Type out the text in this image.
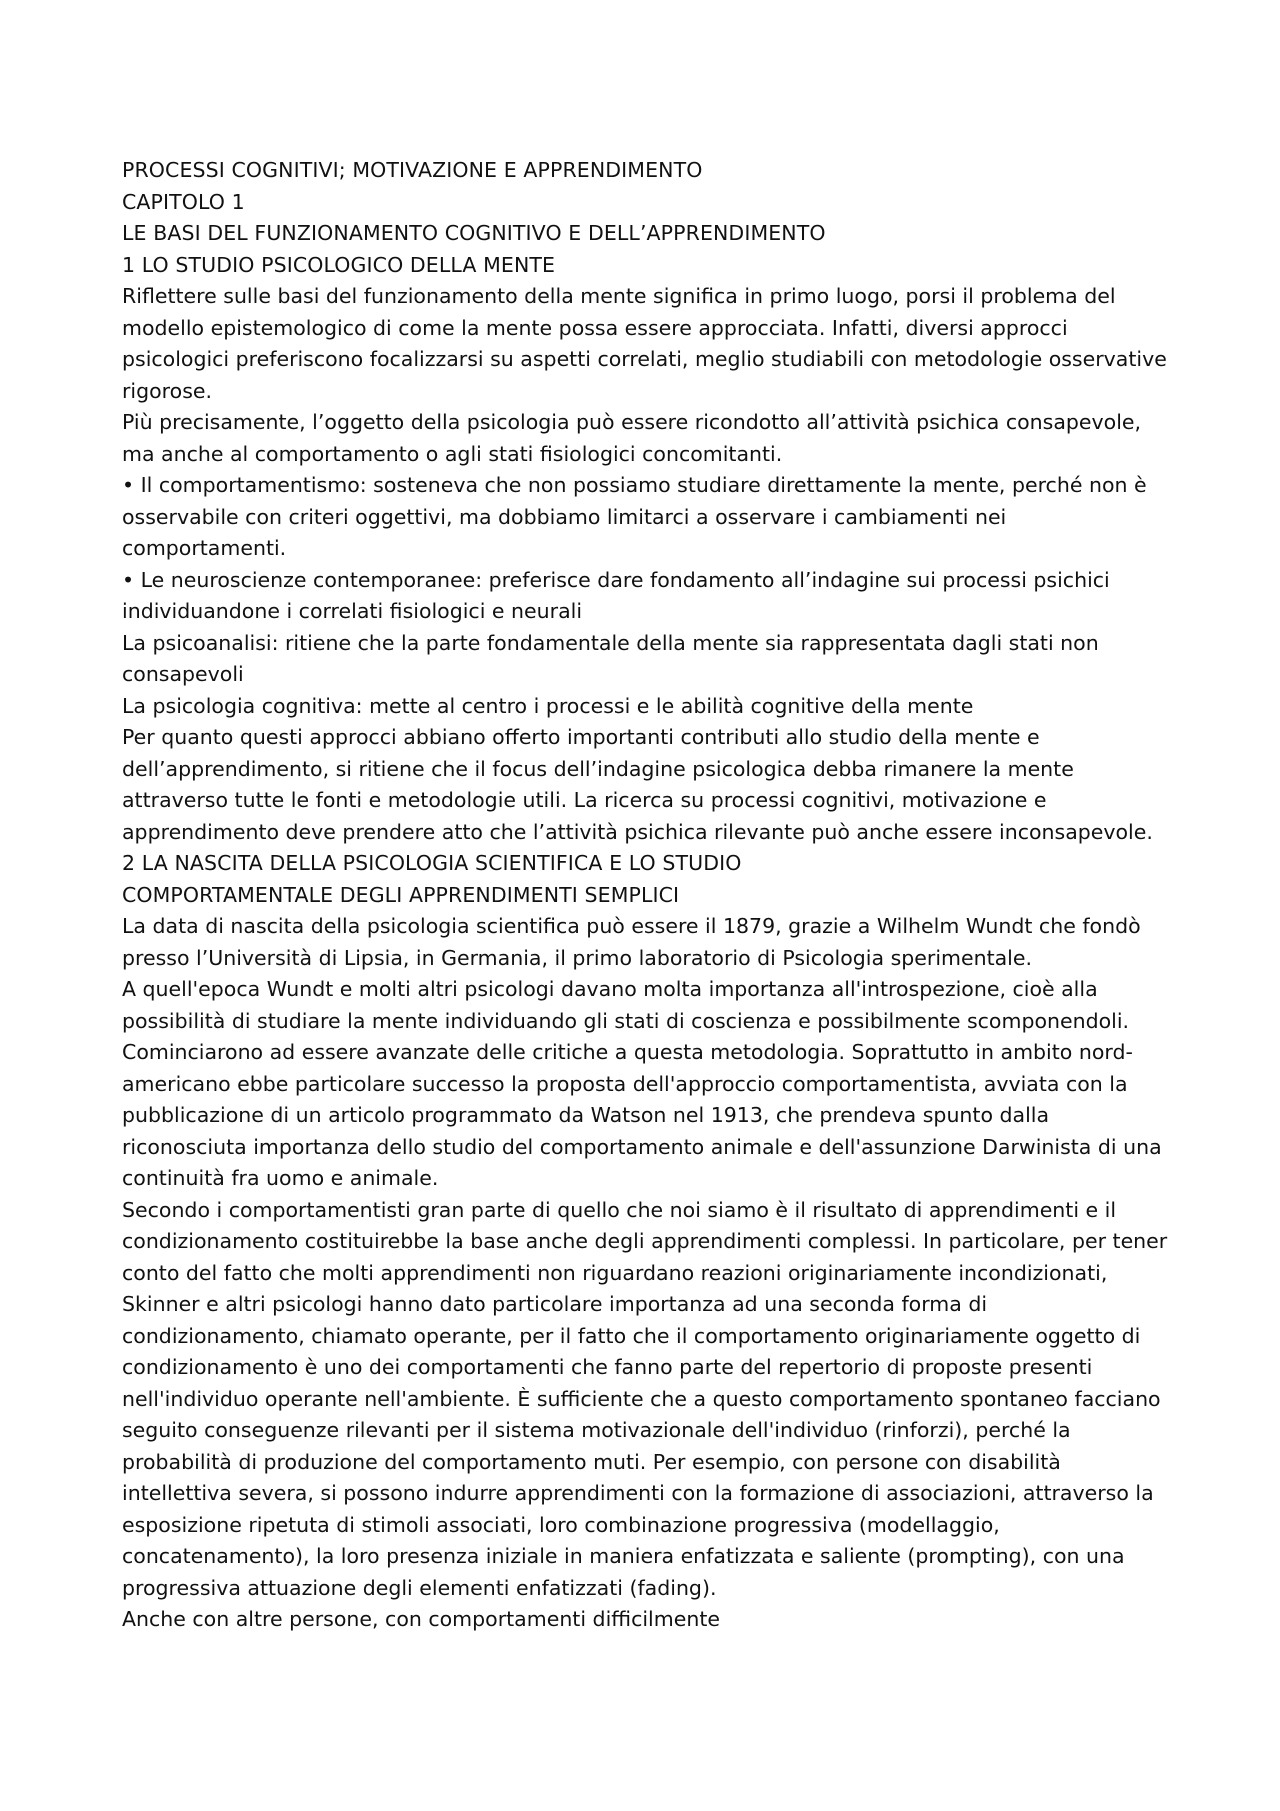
PROCESSI COGNITIVI; MOTIVAZIONE E APPRENDIMENTO
CAPITOLO 1
LE BASI DEL FUNZIONAMENTO COGNITIVO E DELL’APPRENDIMENTO
1 LO STUDIO PSICOLOGICO DELLA MENTE
Riflettere sulle basi del funzionamento della mente significa in primo luogo, porsi il problema del modello epistemologico di come la mente possa essere approcciata. Infatti, diversi approcci psicologici preferiscono focalizzarsi su aspetti correlati, meglio studiabili con metodologie osservative rigorose.
Più precisamente, l’oggetto della psicologia può essere ricondotto all’attività psichica consapevole, ma anche al comportamento o agli stati fisiologici concomitanti.
• Il comportamentismo: sosteneva che non possiamo studiare direttamente la mente, perché non è osservabile con criteri oggettivi, ma dobbiamo limitarci a osservare i cambiamenti nei comportamenti.
• Le neuroscienze contemporanee: preferisce dare fondamento all’indagine sui processi psichici individuandone i correlati fisiologici e neurali
La psicoanalisi: ritiene che la parte fondamentale della mente sia rappresentata dagli stati non consapevoli
La psicologia cognitiva: mette al centro i processi e le abilità cognitive della mente
Per quanto questi approcci abbiano offerto importanti contributi allo studio della mente e dell’apprendimento, si ritiene che il focus dell’indagine psicologica debba rimanere la mente attraverso tutte le fonti e metodologie utili. La ricerca su processi cognitivi, motivazione e apprendimento deve prendere atto che l’attività psichica rilevante può anche essere inconsapevole.
2 LA NASCITA DELLA PSICOLOGIA SCIENTIFICA E LO STUDIO
COMPORTAMENTALE DEGLI APPRENDIMENTI SEMPLICI
La data di nascita della psicologia scientifica può essere il 1879, grazie a Wilhelm Wundt che fondò presso l’Università di Lipsia, in Germania, il primo laboratorio di Psicologia sperimentale.
A quell'epoca Wundt e molti altri psicologi davano molta importanza all'introspezione, cioè alla possibilità di studiare la mente individuando gli stati di coscienza e possibilmente scomponendoli. Cominciarono ad essere avanzate delle critiche a questa metodologia. Soprattutto in ambito nord-americano ebbe particolare successo la proposta dell'approccio comportamentista, avviata con la pubblicazione di un articolo programmato da Watson nel 1913, che prendeva spunto dalla riconosciuta importanza dello studio del comportamento animale e dell'assunzione Darwinista di una continuità fra uomo e animale.
Secondo i comportamentisti gran parte di quello che noi siamo è il risultato di apprendimenti e il condizionamento costituirebbe la base anche degli apprendimenti complessi. In particolare, per tener conto del fatto che molti apprendimenti non riguardano reazioni originariamente incondizionati, Skinner e altri psicologi hanno dato particolare importanza ad una seconda forma di condizionamento, chiamato operante, per il fatto che il comportamento originariamente oggetto di condizionamento è uno dei comportamenti che fanno parte del repertorio di proposte presenti nell'individuo operante nell'ambiente. È sufficiente che a questo comportamento spontaneo facciano seguito conseguenze rilevanti per il sistema motivazionale dell'individuo (rinforzi), perché la probabilità di produzione del comportamento muti. Per esempio, con persone con disabilità intellettiva severa, si possono indurre apprendimenti con la formazione di associazioni, attraverso la esposizione ripetuta di stimoli associati, loro combinazione progressiva (modellaggio, concatenamento), la loro presenza iniziale in maniera enfatizzata e saliente (prompting), con una progressiva attuazione degli elementi enfatizzati (fading).
Anche con altre persone, con comportamenti difficilmente
